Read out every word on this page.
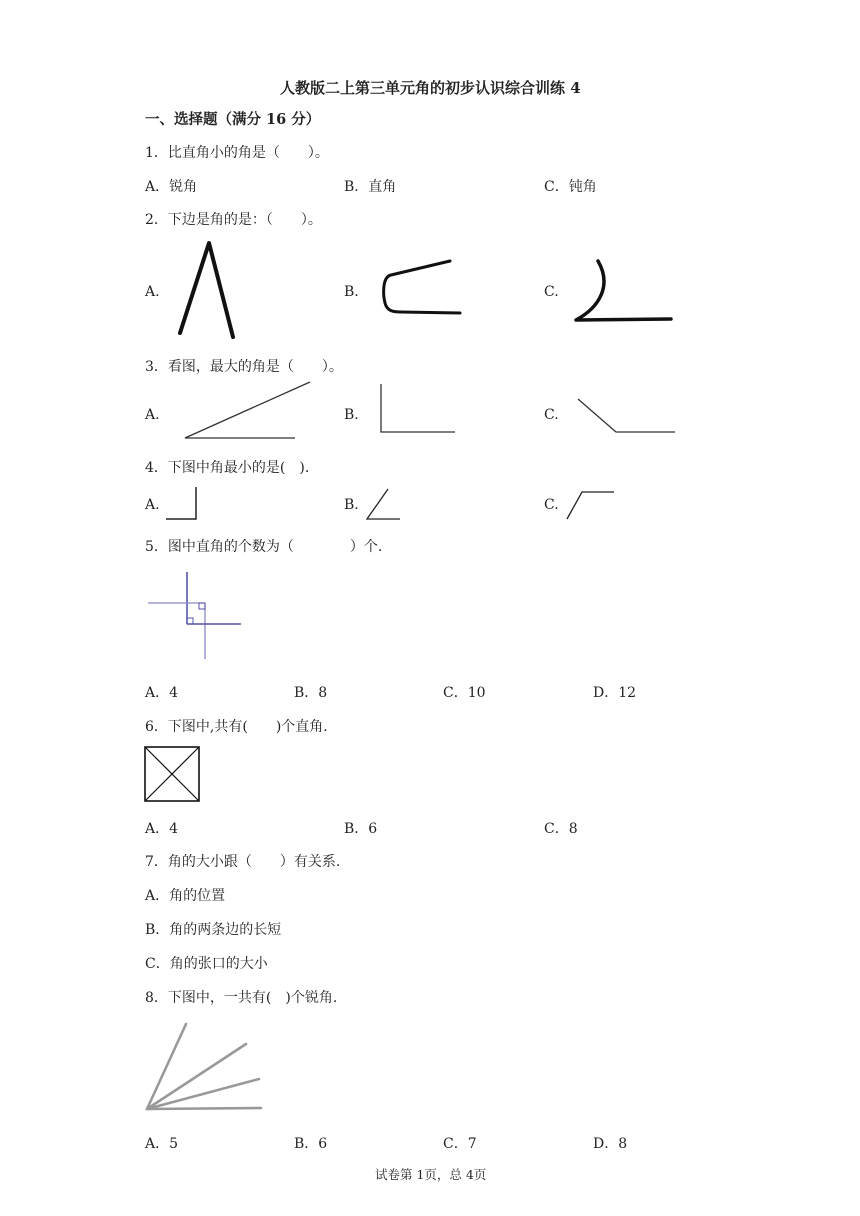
人教版二上第三单元角的初步认识综合训练 4
一、选择题（满分 16 分）
1．比直角小的角是（　　）。
A．锐角	B．直角	C．钝角
2．下边是角的是：（　　）。
A.	B.	C.
3．看图，最大的角是（　　）。
A.	B.	C.
4．下图中角最小的是(　).
A.	B.	C.
5．图中直角的个数为（　　　　）个.
A．4	B．8	C．10	D．12
6．下图中,共有(　　)个直角.
A．4	B．6	C．8
7．角的大小跟（　　）有关系.
A．角的位置
B．角的两条边的长短
C．角的张口的大小
8．下图中，一共有(　)个锐角.
A．5	B．6	C．7	D．8
试卷第 1页，总 4页
